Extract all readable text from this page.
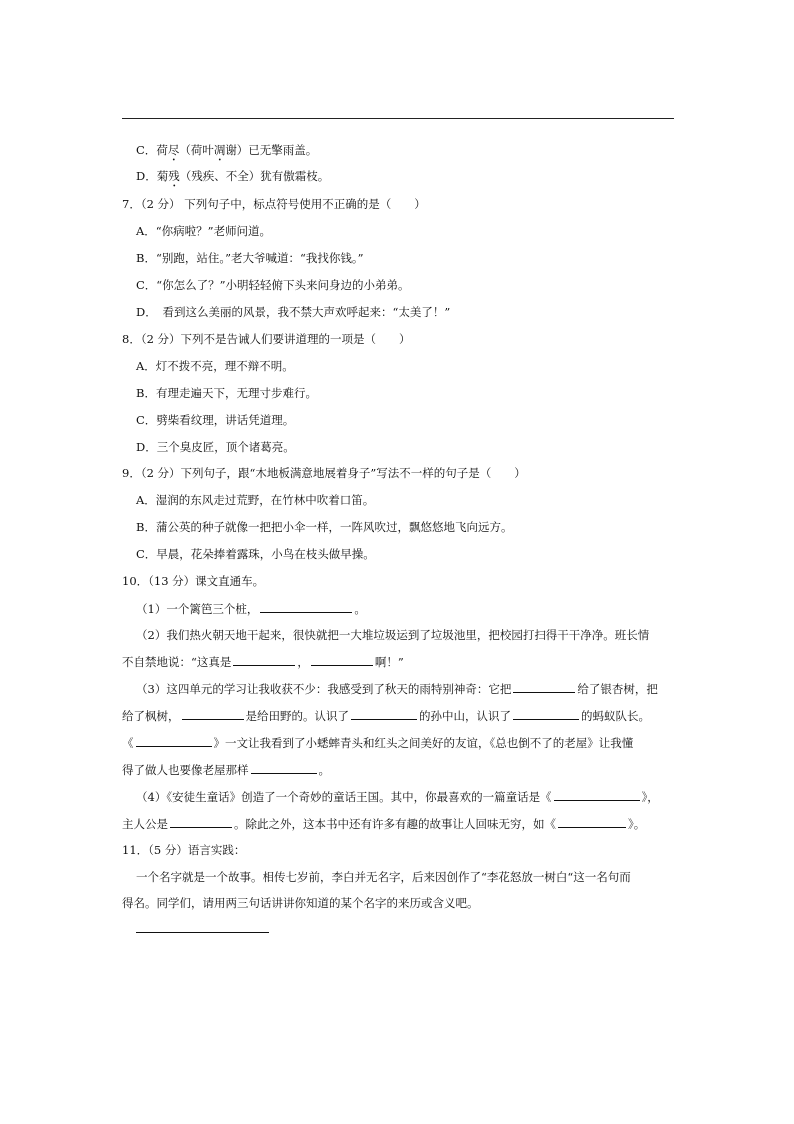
C．荷尽（荷叶凋谢）已无擎雨盖。
D．菊残（残疾、不全）犹有傲霜枝。
7．（2 分） 下列句子中，标点符号使用不正确的是（　　）
A．“你病啦？”老师问道。
B．“别跑，站住。”老大爷喊道：“我找你钱。”
C．“你怎么了？”小明轻轻俯下头来问身边的小弟弟。
D．　看到这么美丽的风景，我不禁大声欢呼起来：“太美了！”
8．（2 分）下列不是告诫人们要讲道理的一项是（　　）
A．灯不拨不亮，理不辩不明。
B．有理走遍天下，无理寸步难行。
C．劈柴看纹理，讲话凭道理。
D．三个臭皮匠，顶个诸葛亮。
9．（2 分）下列句子，跟“木地板满意地展着身子”写法不一样的句子是（　　）
A．湿润的东风走过荒野，在竹林中吹着口笛。
B．蒲公英的种子就像一把把小伞一样，一阵风吹过，飘悠悠地飞向远方。
C．早晨，花朵捧着露珠，小鸟在枝头做早操。
10．（13 分）课文直通车。
（1）一个篱笆三个桩，	。
（2）我们热火朝天地干起来，很快就把一大堆垃圾运到了垃圾池里，把校园打扫得干干净净。班长情
不自禁地说：“这真是	，	啊！”
（3）这四单元的学习让我收获不少：我感受到了秋天的雨特别神奇：它把	给了银杏树，把
给了枫树，	是给田野的。认识了	的孙中山，认识了	的蚂蚁队长。
《	》一文让我看到了小蟋蟀青头和红头之间美好的友谊，《总也倒不了的老屋》让我懂
得了做人也要像老屋那样	。
（4）《安徒生童话》创造了一个奇妙的童话王国。其中，你最喜欢的一篇童话是《	》，
主人公是	。除此之外，这本书中还有许多有趣的故事让人回味无穷，如《	》。
11．（5 分）语言实践：
一个名字就是一个故事。相传七岁前，李白并无名字，后来因创作了“李花怒放一树白“这一名句而
得名。同学们，请用两三句话讲讲你知道的某个名字的来历或含义吧。
